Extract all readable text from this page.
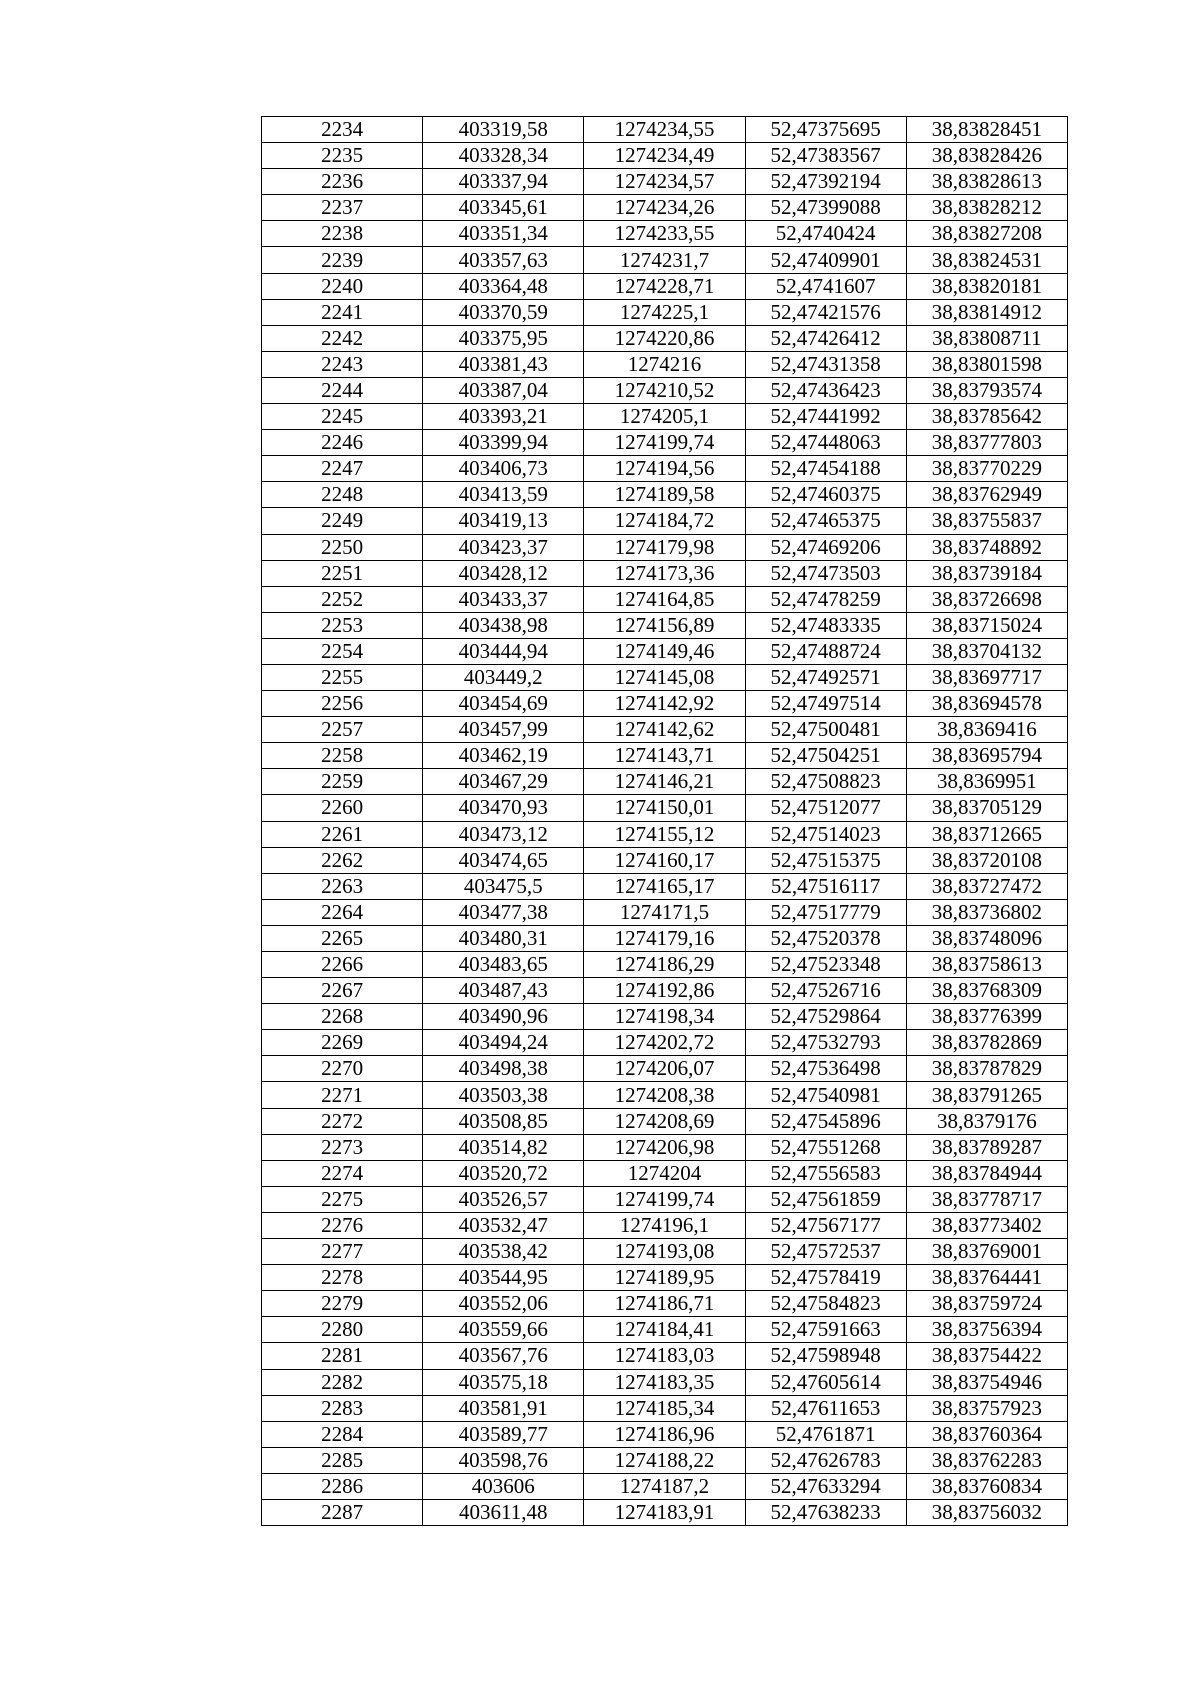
2234	403319,58	1274234,55	52,47375695	38,83828451
2235	403328,34	1274234,49	52,47383567	38,83828426
2236	403337,94	1274234,57	52,47392194	38,83828613
2237	403345,61	1274234,26	52,47399088	38,83828212
2238	403351,34	1274233,55	52,4740424	38,83827208
2239	403357,63	1274231,7	52,47409901	38,83824531
2240	403364,48	1274228,71	52,4741607	38,83820181
2241	403370,59	1274225,1	52,47421576	38,83814912
2242	403375,95	1274220,86	52,47426412	38,83808711
2243	403381,43	1274216	52,47431358	38,83801598
2244	403387,04	1274210,52	52,47436423	38,83793574
2245	403393,21	1274205,1	52,47441992	38,83785642
2246	403399,94	1274199,74	52,47448063	38,83777803
2247	403406,73	1274194,56	52,47454188	38,83770229
2248	403413,59	1274189,58	52,47460375	38,83762949
2249	403419,13	1274184,72	52,47465375	38,83755837
2250	403423,37	1274179,98	52,47469206	38,83748892
2251	403428,12	1274173,36	52,47473503	38,83739184
2252	403433,37	1274164,85	52,47478259	38,83726698
2253	403438,98	1274156,89	52,47483335	38,83715024
2254	403444,94	1274149,46	52,47488724	38,83704132
2255	403449,2	1274145,08	52,47492571	38,83697717
2256	403454,69	1274142,92	52,47497514	38,83694578
2257	403457,99	1274142,62	52,47500481	38,8369416
2258	403462,19	1274143,71	52,47504251	38,83695794
2259	403467,29	1274146,21	52,47508823	38,8369951
2260	403470,93	1274150,01	52,47512077	38,83705129
2261	403473,12	1274155,12	52,47514023	38,83712665
2262	403474,65	1274160,17	52,47515375	38,83720108
2263	403475,5	1274165,17	52,47516117	38,83727472
2264	403477,38	1274171,5	52,47517779	38,83736802
2265	403480,31	1274179,16	52,47520378	38,83748096
2266	403483,65	1274186,29	52,47523348	38,83758613
2267	403487,43	1274192,86	52,47526716	38,83768309
2268	403490,96	1274198,34	52,47529864	38,83776399
2269	403494,24	1274202,72	52,47532793	38,83782869
2270	403498,38	1274206,07	52,47536498	38,83787829
2271	403503,38	1274208,38	52,47540981	38,83791265
2272	403508,85	1274208,69	52,47545896	38,8379176
2273	403514,82	1274206,98	52,47551268	38,83789287
2274	403520,72	1274204	52,47556583	38,83784944
2275	403526,57	1274199,74	52,47561859	38,83778717
2276	403532,47	1274196,1	52,47567177	38,83773402
2277	403538,42	1274193,08	52,47572537	38,83769001
2278	403544,95	1274189,95	52,47578419	38,83764441
2279	403552,06	1274186,71	52,47584823	38,83759724
2280	403559,66	1274184,41	52,47591663	38,83756394
2281	403567,76	1274183,03	52,47598948	38,83754422
2282	403575,18	1274183,35	52,47605614	38,83754946
2283	403581,91	1274185,34	52,47611653	38,83757923
2284	403589,77	1274186,96	52,4761871	38,83760364
2285	403598,76	1274188,22	52,47626783	38,83762283
2286	403606	1274187,2	52,47633294	38,83760834
2287	403611,48	1274183,91	52,47638233	38,83756032
